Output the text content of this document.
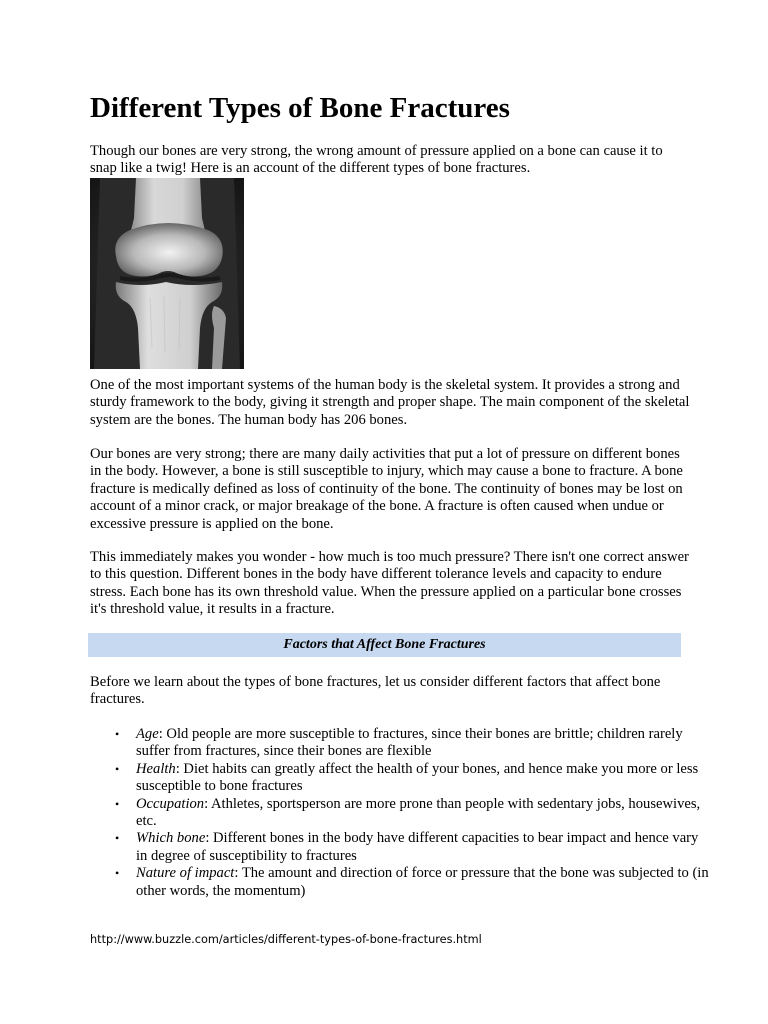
Different Types of Bone Fractures

Though our bones are very strong, the wrong amount of pressure applied on a bone can cause it to snap like a twig! Here is an account of the different types of bone fractures.

One of the most important systems of the human body is the skeletal system. It provides a strong and sturdy framework to the body, giving it strength and proper shape. The main component of the skeletal system are the bones. The human body has 206 bones.

Our bones are very strong; there are many daily activities that put a lot of pressure on different bones in the body. However, a bone is still susceptible to injury, which may cause a bone to fracture. A bone fracture is medically defined as loss of continuity of the bone. The continuity of bones may be lost on account of a minor crack, or major breakage of the bone. A fracture is often caused when undue or excessive pressure is applied on the bone.

This immediately makes you wonder - how much is too much pressure? There isn't one correct answer to this question. Different bones in the body have different tolerance levels and capacity to endure stress. Each bone has its own threshold value. When the pressure applied on a particular bone crosses it's threshold value, it results in a fracture.

Factors that Affect Bone Fractures

Before we learn about the types of bone fractures, let us consider different factors that affect bone fractures.

• Age: Old people are more susceptible to fractures, since their bones are brittle; children rarely suffer from fractures, since their bones are flexible
• Health: Diet habits can greatly affect the health of your bones, and hence make you more or less susceptible to bone fractures
• Occupation: Athletes, sportsperson are more prone than people with sedentary jobs, housewives, etc.
• Which bone: Different bones in the body have different capacities to bear impact and hence vary in degree of susceptibility to fractures
• Nature of impact: The amount and direction of force or pressure that the bone was subjected to (in other words, the momentum)
http://www.buzzle.com/articles/different-types-of-bone-fractures.html
